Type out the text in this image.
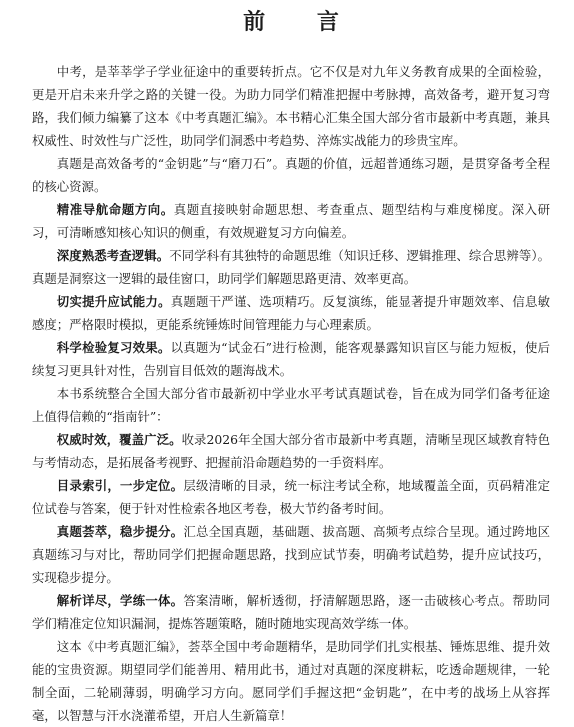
前 言

中考，是莘莘学子学业征途中的重要转折点。它不仅是对九年义务教育成果的全面检验，更是开启未来升学之路的关键一役。为助力同学们精准把握中考脉搏，高效备考，避开复习弯路，我们倾力编纂了这本《中考真题汇编》。本书精心汇集全国大部分省市最新中考真题，兼具权威性、时效性与广泛性，助同学们洞悉中考趋势、淬炼实战能力的珍贵宝库。

真题是高效备考的“金钥匙”与“磨刀石”。真题的价值，远超普通练习题，是贯穿备考全程的核心资源。

精准导航命题方向。真题直接映射命题思想、考查重点、题型结构与难度梯度。深入研习，可清晰感知核心知识的侧重，有效规避复习方向偏差。

深度熟悉考查逻辑。不同学科有其独特的命题思维（知识迁移、逻辑推理、综合思辨等）。真题是洞察这一逻辑的最佳窗口，助同学们解题思路更清、效率更高。

切实提升应试能力。真题题干严谨、选项精巧。反复演练，能显著提升审题效率、信息敏感度；严格限时模拟，更能系统锤炼时间管理能力与心理素质。

科学检验复习效果。以真题为“试金石”进行检测，能客观暴露知识盲区与能力短板，使后续复习更具针对性，告别盲目低效的题海战术。

本书系统整合全国大部分省市最新初中学业水平考试真题试卷，旨在成为同学们备考征途上值得信赖的“指南针”：

权威时效，覆盖广泛。收录2026年全国大部分省市最新中考真题，清晰呈现区域教育特色与考情动态，是拓展备考视野、把握前沿命题趋势的一手资料库。

目录索引，一步定位。层级清晰的目录，统一标注考试全称，地域覆盖全面，页码精准定位试卷与答案，便于针对性检索各地区考卷，极大节约备考时间。

真题荟萃，稳步提分。汇总全国真题，基础题、拔高题、高频考点综合呈现。通过跨地区真题练习与对比，帮助同学们把握命题思路，找到应试节奏，明确考试趋势，提升应试技巧，实现稳步提分。

解析详尽，学练一体。答案清晰，解析透彻，抒清解题思路，逐一击破核心考点。帮助同学们精准定位知识漏洞，提炼答题策略，随时随地实现高效学练一体。

这本《中考真题汇编》，荟萃全国中考命题精华，是助同学们扎实根基、锤炼思维、提升效能的宝贵资源。期望同学们能善用、精用此书，通过对真题的深度耕耘，吃透命题规律，一轮制全面，二轮刷薄弱，明确学习方向。愿同学们手握这把“金钥匙”，在中考的战场上从容挥毫，以智慧与汗水浇灌希望，开启人生新篇章！
